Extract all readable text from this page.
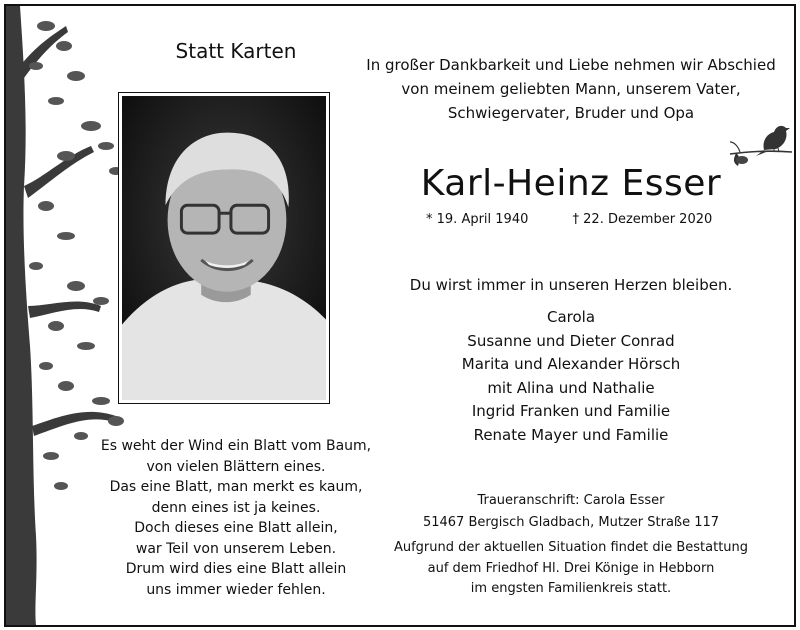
Statt Karten
In großer Dankbarkeit und Liebe nehmen wir Abschied
von meinem geliebten Mann, unserem Vater,
Schwiegervater, Bruder und Opa
Karl-Heinz Esser
* 19. April 1940	† 22. Dezember 2020
Du wirst immer in unseren Herzen bleiben.
Carola
Susanne und Dieter Conrad
Marita und Alexander Hörsch
mit Alina und Nathalie
Ingrid Franken und Familie
Renate Mayer und Familie
Es weht der Wind ein Blatt vom Baum,
von vielen Blättern eines.
Das eine Blatt, man merkt es kaum,
denn eines ist ja keines.
Doch dieses eine Blatt allein,
war Teil von unserem Leben.
Drum wird dies eine Blatt allein
uns immer wieder fehlen.
Traueranschrift: Carola Esser
51467 Bergisch Gladbach, Mutzer Straße 117
Aufgrund der aktuellen Situation findet die Bestattung
auf dem Friedhof Hl. Drei Könige in Hebborn
im engsten Familienkreis statt.
